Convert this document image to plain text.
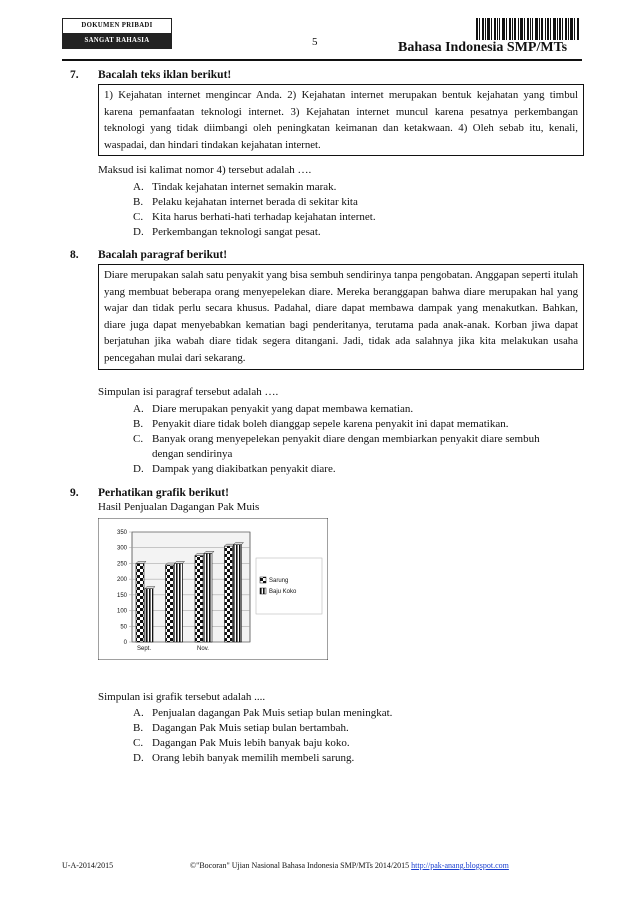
DOKUMEN PRIBADI
SANGAT RAHASIA	5	Bahasa Indonesia SMP/MTs
7. Bacalah teks iklan berikut!
1) Kejahatan internet mengincar Anda. 2) Kejahatan internet merupakan bentuk kejahatan yang timbul karena pemanfaatan teknologi internet. 3) Kejahatan internet muncul karena pesatnya perkembangan teknologi yang tidak diimbangi oleh peningkatan keimanan dan ketakwaan. 4) Oleh sebab itu, kenali, waspadai, dan hindari tindakan kejahatan internet.
Maksud isi kalimat nomor 4) tersebut adalah ….
A. Tindak kejahatan internet semakin marak.
B. Pelaku kejahatan internet berada di sekitar kita
C. Kita harus berhati-hati terhadap kejahatan internet.
D. Perkembangan teknologi sangat pesat.
8. Bacalah paragraf berikut!
Diare merupakan salah satu penyakit yang bisa sembuh sendirinya tanpa pengobatan. Anggapan seperti itulah yang membuat beberapa orang menyepelekan diare. Mereka beranggapan bahwa diare merupakan hal yang wajar dan tidak perlu secara khusus. Padahal, diare dapat membawa dampak yang menakutkan. Bahkan, diare juga dapat menyebabkan kematian bagi penderitanya, terutama pada anak-anak. Korban jiwa dapat berjatuhan jika wabah diare tidak segera ditangani. Jadi, tidak ada salahnya jika kita melakukan usaha pencegahan mulai dari sekarang.
Simpulan isi paragraf tersebut adalah ….
A. Diare merupakan penyakit yang dapat membawa kematian.
B. Penyakit diare tidak boleh dianggap sepele karena penyakit ini dapat mematikan.
C. Banyak orang menyepelekan penyakit diare dengan membiarkan penyakit diare sembuh dengan sendirinya
D. Dampak yang diakibatkan penyakit diare.
9. Perhatikan grafik berikut!
Hasil Penjualan Dagangan Pak Muis
0
50
100
150
200
250
300
350
Sept.	Nov.
Sarung
Baju Koko
Simpulan isi grafik tersebut adalah ....
A. Penjualan dagangan Pak Muis setiap bulan meningkat.
B. Dagangan Pak Muis setiap bulan bertambah.
C. Dagangan Pak Muis lebih banyak baju koko.
D. Orang lebih banyak memilih membeli sarung.
U-A-2014/2015	©"Bocoran" Ujian Nasional Bahasa Indonesia SMP/MTs 2014/2015 http://pak-anang.blogspot.com
